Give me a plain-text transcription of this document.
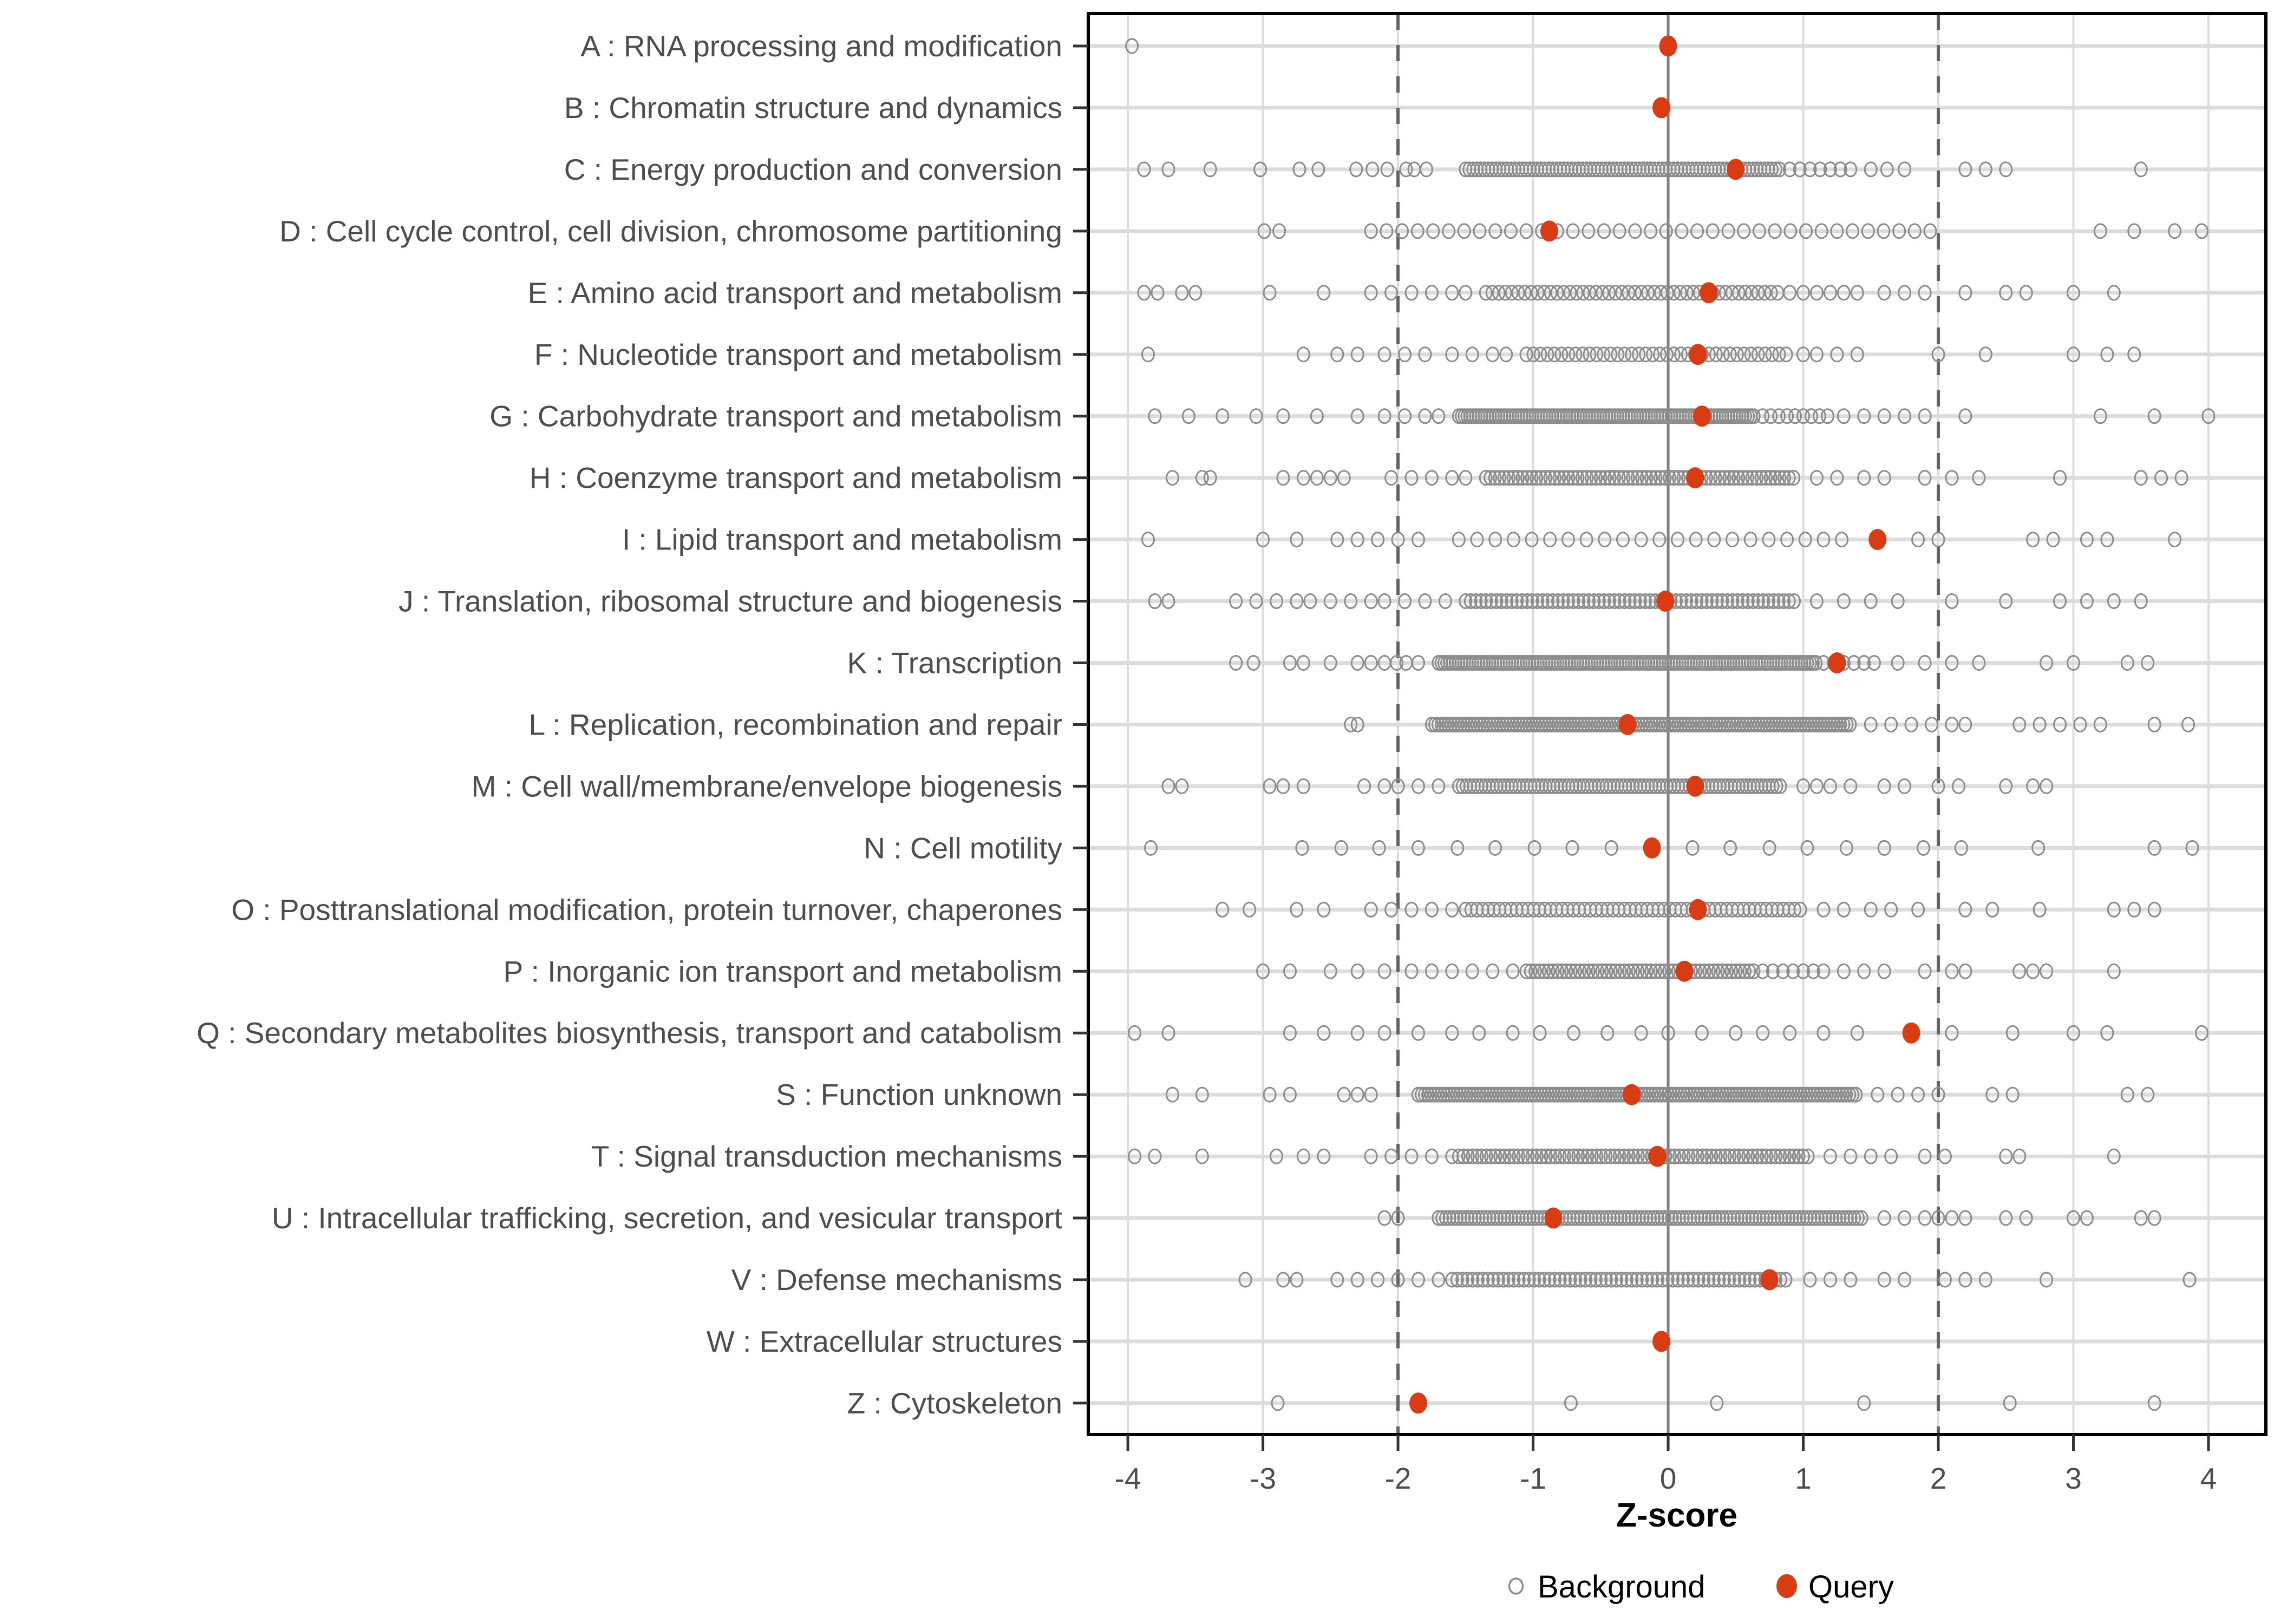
-4	-3	-2	-1	0	1	2	3	4
A : RNA processing and modification
B : Chromatin structure and dynamics
C : Energy production and conversion
D : Cell cycle control, cell division, chromosome partitioning
E : Amino acid transport and metabolism
F : Nucleotide transport and metabolism
G : Carbohydrate transport and metabolism
H : Coenzyme transport and metabolism
I : Lipid transport and metabolism
J : Translation, ribosomal structure and biogenesis
K : Transcription
L : Replication, recombination and repair
M : Cell wall/membrane/envelope biogenesis
N : Cell motility
O : Posttranslational modification, protein turnover, chaperones
P : Inorganic ion transport and metabolism
Q : Secondary metabolites biosynthesis, transport and catabolism
S : Function unknown
T : Signal transduction mechanisms
U : Intracellular trafficking, secretion, and vesicular transport
V : Defense mechanisms
W : Extracellular structures
Z : Cytoskeleton
Z-score
Background	Query
